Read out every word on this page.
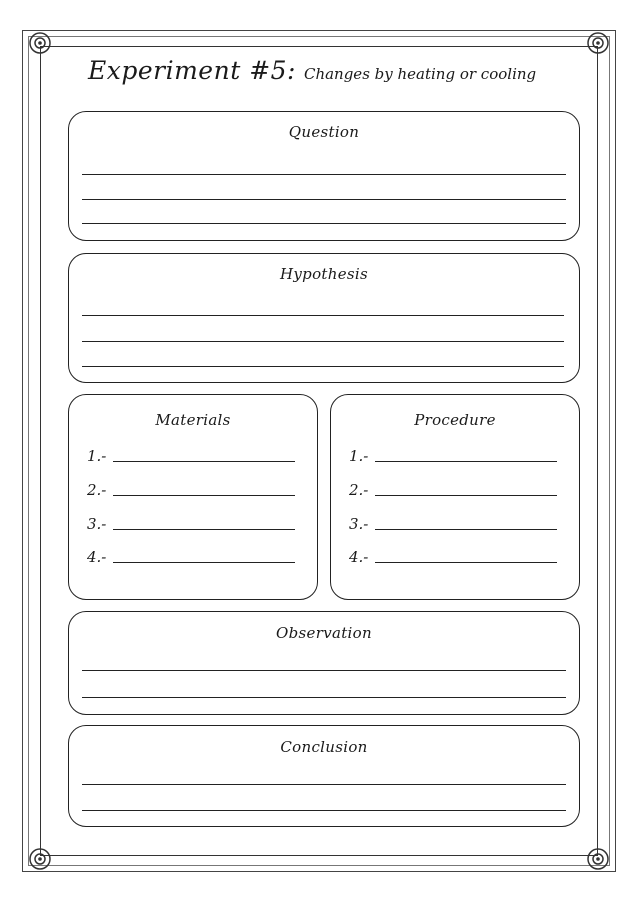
Experiment #5: Changes by heating or cooling
Question
Hypothesis
Materials
1.-
2.-
3.-
4.-
Procedure
1.-
2.-
3.-
4.-
Observation
Conclusion
